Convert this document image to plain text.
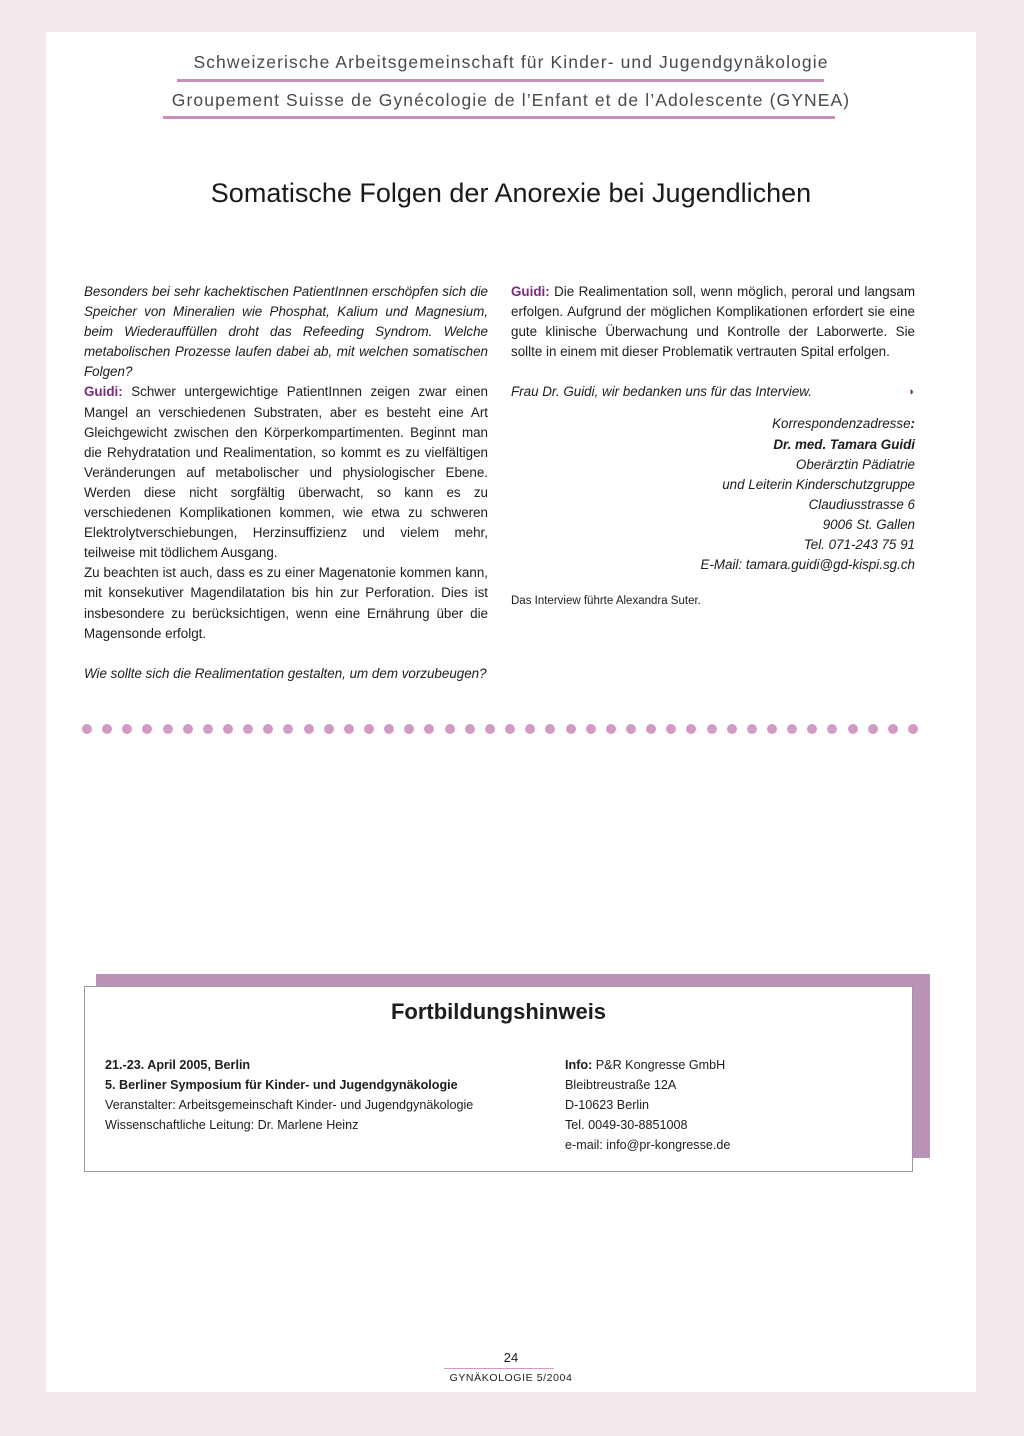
Schweizerische Arbeitsgemeinschaft für Kinder- und Jugendgynäkologie
Groupement Suisse de Gynécologie de l’Enfant et de l’Adolescente (GYNEA)
Somatische Folgen der Anorexie bei Jugendlichen

Besonders bei sehr kachektischen PatientInnen erschöpfen sich die Speicher von Mineralien wie Phosphat, Kalium und Magnesium, beim Wiederauffüllen droht das Refeeding Syndrom. Welche metabolischen Prozesse laufen dabei ab, mit welchen somatischen Folgen?

Guidi: Schwer untergewichtige PatientInnen zeigen zwar einen Mangel an verschiedenen Substraten, aber es besteht eine Art Gleichgewicht zwischen den Körperkompartimenten. Beginnt man die Rehydratation und Realimentation, so kommt es zu vielfältigen Veränderungen auf metabolischer und physiologischer Ebene. Werden diese nicht sorgfältig überwacht, so kann es zu verschiedenen Komplikationen kommen, wie etwa zu schweren Elektrolytverschiebungen, Herzinsuffizienz und vielem mehr, teilweise mit tödlichem Ausgang.

Zu beachten ist auch, dass es zu einer Magenatonie kommen kann, mit konsekutiver Magendilatation bis hin zur Perforation. Dies ist insbesondere zu berücksichtigen, wenn eine Ernährung über die Magensonde erfolgt.

Wie sollte sich die Realimentation gestalten, um dem vorzubeugen?

Guidi: Die Realimentation soll, wenn möglich, peroral und langsam erfolgen. Aufgrund der möglichen Komplikationen erfordert sie eine gute klinische Überwachung und Kontrolle der Laborwerte. Sie sollte in einem mit dieser Problematik vertrauten Spital erfolgen.

Frau Dr. Guidi, wir bedanken uns für das Interview.	◗

Korrespondenzadresse:
Dr. med. Tamara Guidi
Oberärztin Pädiatrie
und Leiterin Kinderschutzgruppe
Claudiusstrasse 6
9006 St. Gallen
Tel. 071-243 75 91
E-Mail: tamara.guidi@gd-kispi.sg.ch
Das Interview führte Alexandra Suter.
Fortbildungshinweis
21.-23. April 2005, Berlin
5. Berliner Symposium für Kinder- und Jugendgynäkologie
Veranstalter: Arbeitsgemeinschaft Kinder- und Jugendgynäkologie
Wissenschaftliche Leitung: Dr. Marlene Heinz
Info: P&R Kongresse GmbH
Bleibtreustraße 12A
D-10623 Berlin
Tel. 0049-30-8851008
e-mail: info@pr-kongresse.de
24
GYNÄKOLOGIE 5/2004
